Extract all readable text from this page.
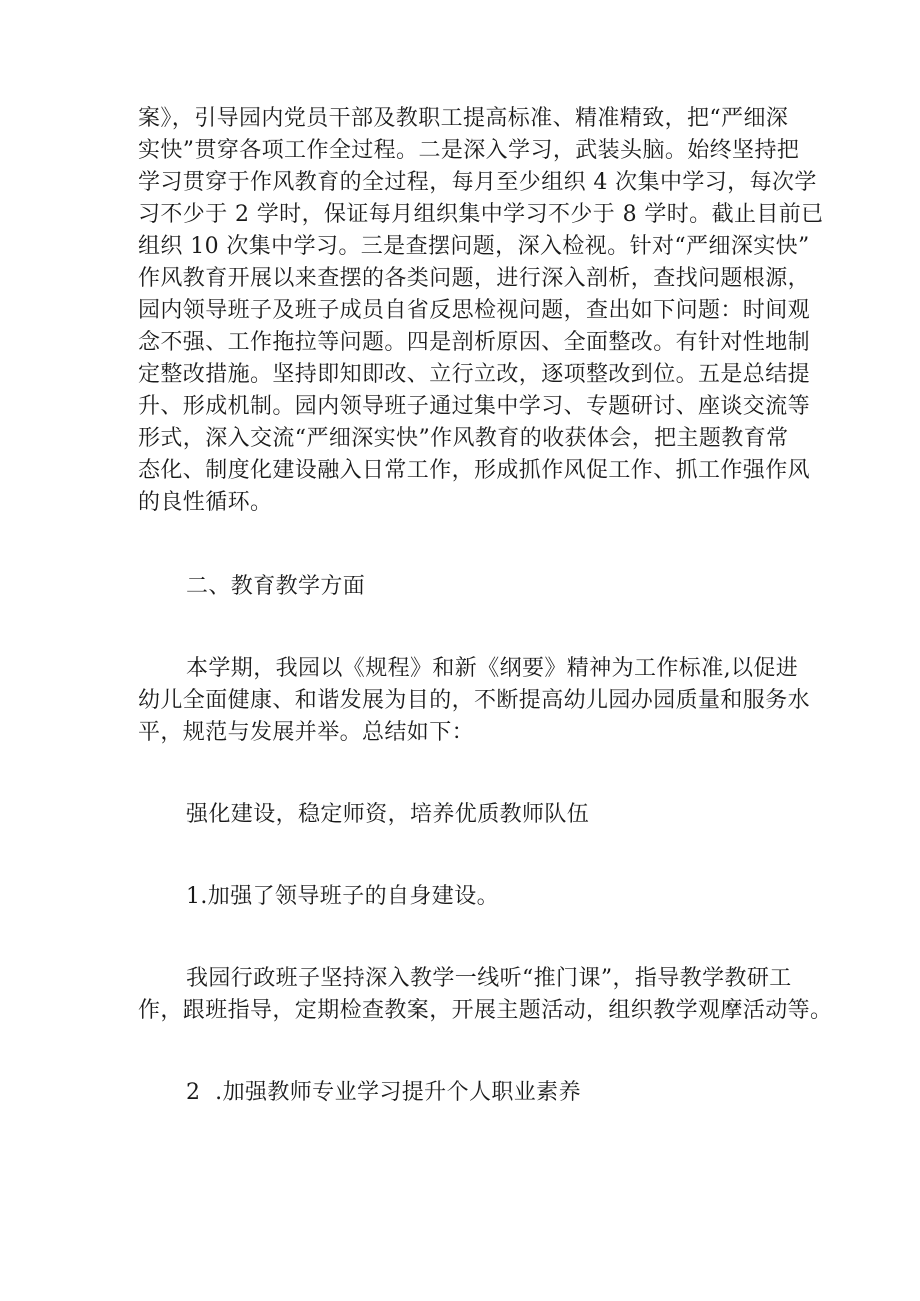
案》，引导园内党员干部及教职工提高标准、精准精致，把“严细深
实快”贯穿各项工作全过程。二是深入学习，武装头脑。始终坚持把
学习贯穿于作风教育的全过程，每月至少组织 4 次集中学习，每次学
习不少于 2 学时，保证每月组织集中学习不少于 8 学时。截止目前已
组织 10 次集中学习。三是查摆问题，深入检视。针对“严细深实快”
作风教育开展以来查摆的各类问题，进行深入剖析，查找问题根源，
园内领导班子及班子成员自省反思检视问题，查出如下问题：时间观
念不强、工作拖拉等问题。四是剖析原因、全面整改。有针对性地制
定整改措施。坚持即知即改、立行立改，逐项整改到位。五是总结提
升、形成机制。园内领导班子通过集中学习、专题研讨、座谈交流等
形式，深入交流“严细深实快”作风教育的收获体会，把主题教育常
态化、制度化建设融入日常工作，形成抓作风促工作、抓工作强作风
的良性循环。
二、教育教学方面
本学期，我园以《规程》和新《纲要》精神为工作标准,以促进
幼儿全面健康、和谐发展为目的，不断提高幼儿园办园质量和服务水
平，规范与发展并举。总结如下：
强化建设，稳定师资，培养优质教师队伍
1.加强了领导班子的自身建设。
我园行政班子坚持深入教学一线听“推门课”，指导教学教研工
作，跟班指导，定期检查教案，开展主题活动，组织教学观摩活动等。
2  .加强教师专业学习提升个人职业素养
